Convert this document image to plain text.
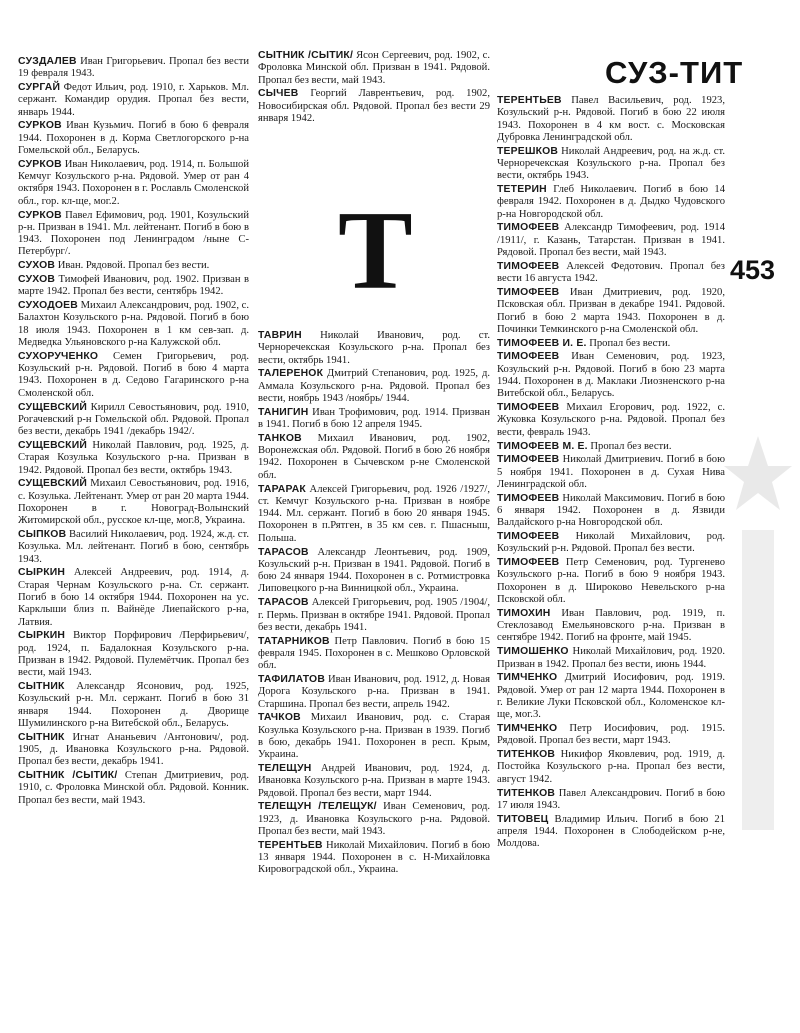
СУЗ-ТИТ
453
Т

СУЗДАЛЕВ Иван Григорьевич. Пропал без вести 19 февраля 1943.

СУРГАЙ Федот Ильич, род. 1910, г. Харьков. Мл. сержант. Командир орудия. Пропал без вести, январь 1944.

СУРКОВ Иван Кузьмич. Погиб в бою 6 февраля 1944. Похоронен в д. Корма Светлогорского р-на Гомельской обл., Беларусь.

СУРКОВ Иван Николаевич, род. 1914, п. Большой Кемчуг Козульского р-на. Рядовой. Умер от ран 4 октября 1943. Похоронен в г. Рославль Смоленской обл., гор. кл-ще, мог.2.

СУРКОВ Павел Ефимович, род. 1901, Козульский р-н. Призван в 1941. Мл. лейтенант. Погиб в бою в 1943. Похоронен под Ленинградом /ныне С-Петербург/.

СУХОВ Иван. Рядовой. Пропал без вести.

СУХОВ Тимофей Иванович, род. 1902. Призван в марте 1942. Пропал без вести, сентябрь 1942.

СУХОДОЕВ Михаил Александрович, род. 1902, с. Балахтон Козульского р-на. Рядовой. Погиб в бою 18 июля 1943. Похоронен в 1 км сев-зап. д. Медведка Ульяновского р-на Калужской обл.

СУХОРУЧЕНКО Семен Григорьевич, род. Козульский р-н. Рядовой. Погиб в бою 4 марта 1943. Похоронен в д. Седово Гагаринского р-на Смоленской обл.

СУЩЕВСКИЙ Кирилл Севостьянович, род. 1910, Рогачевский р-н Гомельской обл. Рядовой. Пропал без вести, декабрь 1941 /декабрь 1942/.

СУЩЕВСКИЙ Николай Павлович, род. 1925, д. Старая Козулька Козульского р-на. Призван в 1942. Рядовой. Пропал без вести, октябрь 1943.

СУЩЕВСКИЙ Михаил Севостьянович, род. 1916, с. Козулька. Лейтенант. Умер от ран 20 марта 1944. Похоронен в г. Новоград-Волынский Житомирской обл., русское кл-ще, мог.8, Украина.

СЫПКОВ Василий Николаевич, род. 1924, ж.д. ст. Козулька. Мл. лейтенант. Погиб в бою, сентябрь 1943.

СЫРКИН Алексей Андреевич, род. 1914, д. Старая Чернам Козульского р-на. Ст. сержант. Погиб в бою 14 октября 1944. Похоронен на ус. Карклыши близ п. Вайнёде Лиепайского р-на, Латвия.

СЫРКИН Виктор Порфирович /Перфирьевич/, род. 1924, п. Бадалокная Козульского р-на. Призван в 1942. Рядовой. Пулемётчик. Пропал без вести, май 1943.

СЫТНИК Александр Ясонович, род. 1925, Козульский р-н. Мл. сержант. Погиб в бою 31 января 1944. Похоронен д. Дворище Шумилинского р-на Витебской обл., Беларусь.

СЫТНИК Игнат Ананьевич /Антонович/, род. 1905, д. Ивановка Козульского р-на. Рядовой. Пропал без вести, декабрь 1941.

СЫТНИК /СЫТИК/ Степан Дмитриевич, род. 1910, с. Фроловка Минской обл. Рядовой. Конник. Пропал без вести, май 1943.

СЫТНИК /СЫТИК/ Ясон Сергеевич, род. 1902, с. Фроловка Минской обл. Призван в 1941. Рядовой. Пропал без вести, май 1943.

СЫЧЕВ Георгий Лаврентьевич, род. 1902, Новосибирская обл. Рядовой. Пропал без вести 29 января 1942.

ТАВРИН Николай Иванович, род. ст. Черноречекская Козульского р-на. Пропал без вести, октябрь 1941.

ТАЛЕРЕНОК Дмитрий Степанович, род. 1925, д. Аммала Козульского р-на. Рядовой. Пропал без вести, ноябрь 1943 /ноябрь/ 1944.

ТАНИГИН Иван Трофимович, род. 1914. Призван в 1941. Погиб в бою 12 апреля 1945.

ТАНКОВ Михаил Иванович, род. 1902, Воронежская обл. Рядовой. Погиб в бою 26 ноября 1942. Похоронен в Сычевском р-не Смоленской обл.

ТАРАРАК Алексей Григорьевич, род. 1926 /1927/, ст. Кемчуг Козульского р-на. Призван в ноябре 1944. Мл. сержант. Погиб в бою 20 января 1945. Похоронен в п.Рятген, в 35 км сев. г. Пшасныш, Польша.

ТАРАСОВ Александр Леонтьевич, род. 1909, Козульский р-н. Призван в 1941. Рядовой. Погиб в бою 24 января 1944. Похоронен в с. Ротмистровка Липовецкого р-на Винницкой обл., Украина.

ТАРАСОВ Алексей Григорьевич, род. 1905 /1904/, г. Пермь. Призван в октябре 1941. Рядовой. Пропал без вести, декабрь 1941.

ТАТАРНИКОВ Петр Павлович. Погиб в бою 15 февраля 1945. Похоронен в с. Мешково Орловской обл.

ТАФИЛАТОВ Иван Иванович, род. 1912, д. Новая Дорога Козульского р-на. Призван в 1941. Старшина. Пропал без вести, апрель 1942.

ТАЧКОВ Михаил Иванович, род. с. Старая Козулька Козульского р-на. Призван в 1939. Погиб в бою, декабрь 1941. Похоронен в респ. Крым, Украина.

ТЕЛЕЩУН Андрей Иванович, род. 1924, д. Ивановка Козульского р-на. Призван в марте 1943. Рядовой. Пропал без вести, март 1944.

ТЕЛЕЩУН /ТЕЛЕЩУК/ Иван Семенович, род. 1923, д. Ивановка Козульского р-на. Рядовой. Пропал без вести, май 1943.

ТЕРЕНТЬЕВ Николай Михайлович. Погиб в бою 13 января 1944. Похоронен в с. Н-Михайловка Кировоградской обл., Украина.

ТЕРЕНТЬЕВ Павел Васильевич, род. 1923, Козульский р-н. Рядовой. Погиб в бою 22 июля 1943. Похоронен в 4 км вост. с. Московская Дубровка Ленинградской обл.

ТЕРЕШКОВ Николай Андреевич, род. на ж.д. ст. Черноречекская Козульского р-на. Пропал без вести, октябрь 1943.

ТЕТЕРИН Глеб Николаевич. Погиб в бою 14 февраля 1942. Похоронен в д. Дыдко Чудовского р-на Новгородской обл.

ТИМОФЕЕВ Александр Тимофеевич, род. 1914 /1911/, г. Казань, Татарстан. Призван в 1941. Рядовой. Пропал без вести, май 1943.

ТИМОФЕЕВ Алексей Федотович. Пропал без вести 16 августа 1942.

ТИМОФЕЕВ Иван Дмитриевич, род. 1920, Псковская обл. Призван в декабре 1941. Рядовой. Погиб в бою 2 марта 1943. Похоронен в д. Починки Темкинского р-на Смоленской обл.

ТИМОФЕЕВ И. Е. Пропал без вести.

ТИМОФЕЕВ Иван Семенович, род. 1923, Козульский р-н. Рядовой. Погиб в бою 23 марта 1944. Похоронен в д. Маклаки Лиозненского р-на Витебской обл., Беларусь.

ТИМОФЕЕВ Михаил Егорович, род. 1922, с. Жуковка Козульского р-на. Рядовой. Пропал без вести, февраль 1943.

ТИМОФЕЕВ М. Е. Пропал без вести.

ТИМОФЕЕВ Николай Дмитриевич. Погиб в бою 5 ноября 1941. Похоронен в д. Сухая Нива Ленинградской обл.

ТИМОФЕЕВ Николай Максимович. Погиб в бою 6 января 1942. Похоронен в д. Язвиди Валдайского р-на Новгородской обл.

ТИМОФЕЕВ Николай Михайлович, род. Козульский р-н. Рядовой. Пропал без вести.

ТИМОФЕЕВ Петр Семенович, род. Тургенево Козульского р-на. Погиб в бою 9 ноября 1943. Похоронен в д. Широково Невельского р-на Псковской обл.

ТИМОХИН Иван Павлович, род. 1919, п. Стеклозавод Емельяновского р-на. Призван в сентябре 1942. Погиб на фронте, май 1945.

ТИМОШЕНКО Николай Михайлович, род. 1920. Призван в 1942. Пропал без вести, июнь 1944.

ТИМЧЕНКО Дмитрий Иосифович, род. 1919. Рядовой. Умер от ран 12 марта 1944. Похоронен в г. Великие Луки Псковской обл., Коломенское кл-ще, мог.3.

ТИМЧЕНКО Петр Иосифович, род. 1915. Рядовой. Пропал без вести, март 1943.

ТИТЕНКОВ Никифор Яковлевич, род. 1919, д. Постойка Козульского р-на. Пропал без вести, август 1942.

ТИТЕНКОВ Павел Александрович. Погиб в бою 17 июля 1943.

ТИТОВЕЦ Владимир Ильич. Погиб в бою 21 апреля 1944. Похоронен в Слободейском р-не, Молдова.
